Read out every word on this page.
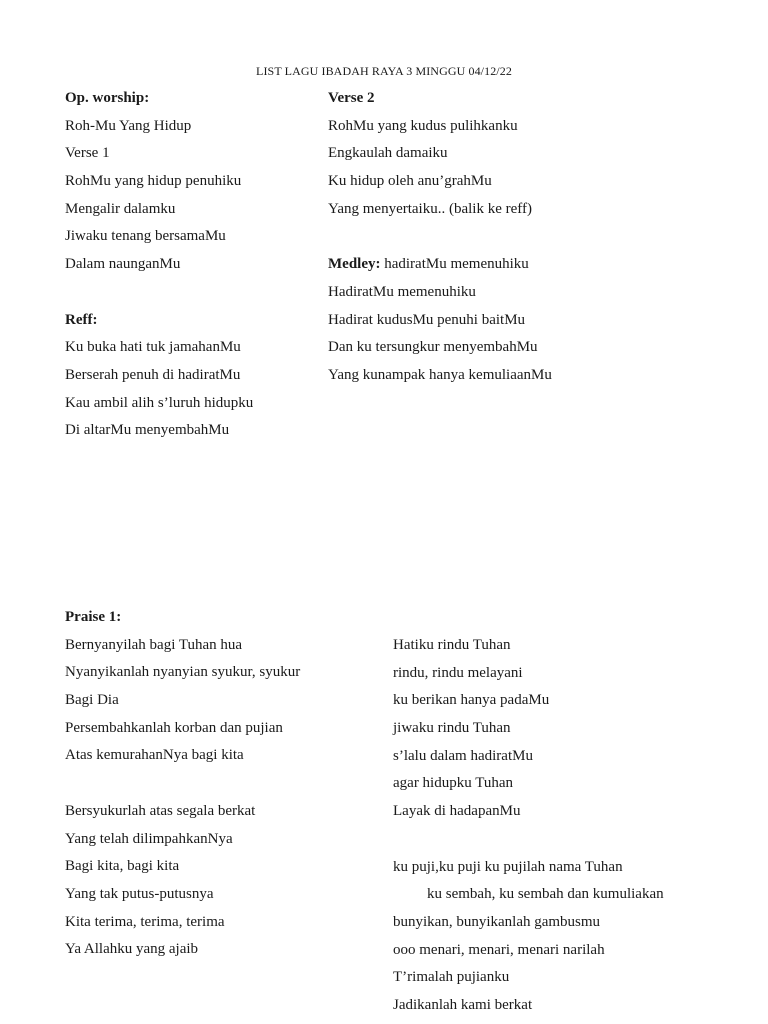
LIST LAGU IBADAH RAYA 3 MINGGU 04/12/22
Op. worship:
Roh-Mu Yang Hidup
Verse 1
RohMu yang hidup penuhiku
Mengalir dalamku
Jiwaku tenang bersamaMu
Dalam naunganMu
Reff:
Ku buka hati tuk jamahanMu
Berserah penuh di hadiratMu
Kau ambil alih s’luruh hidupku
Di altarMu menyembahMu
Verse 2
RohMu yang kudus pulihkanku
Engkaulah damaiku
Ku hidup oleh anu’grahMu
Yang menyertaiku.. (balik ke reff)
Medley: hadiratMu memenuhiku
HadiratMu memenuhiku
Hadirat kudusMu penuhi baitMu
Dan ku tersungkur menyembahMu
Yang kunampak hanya kemuliaanMu
Praise 1:
Bernyanyilah bagi Tuhan hua
Nyanyikanlah nyanyian syukur, syukur
Bagi Dia
Persembahkanlah korban dan pujian
Atas kemurahanNya bagi kita
Bersyukurlah atas segala berkat
Yang telah dilimpahkanNya
Bagi kita, bagi kita
Yang tak putus-putusnya
Kita terima, terima, terima
Ya Allahku yang ajaib
Hatiku rindu Tuhan
rindu, rindu melayani
ku berikan hanya padaMu
jiwaku rindu Tuhan
s’lalu dalam hadiratMu
agar hidupku Tuhan
Layak di hadapanMu
ku puji,ku puji ku pujilah nama Tuhan
ku sembah, ku sembah dan kumuliakan
bunyikan, bunyikanlah gambusmu
ooo menari, menari, menari narilah
T’rimalah pujianku
Jadikanlah kami berkat
